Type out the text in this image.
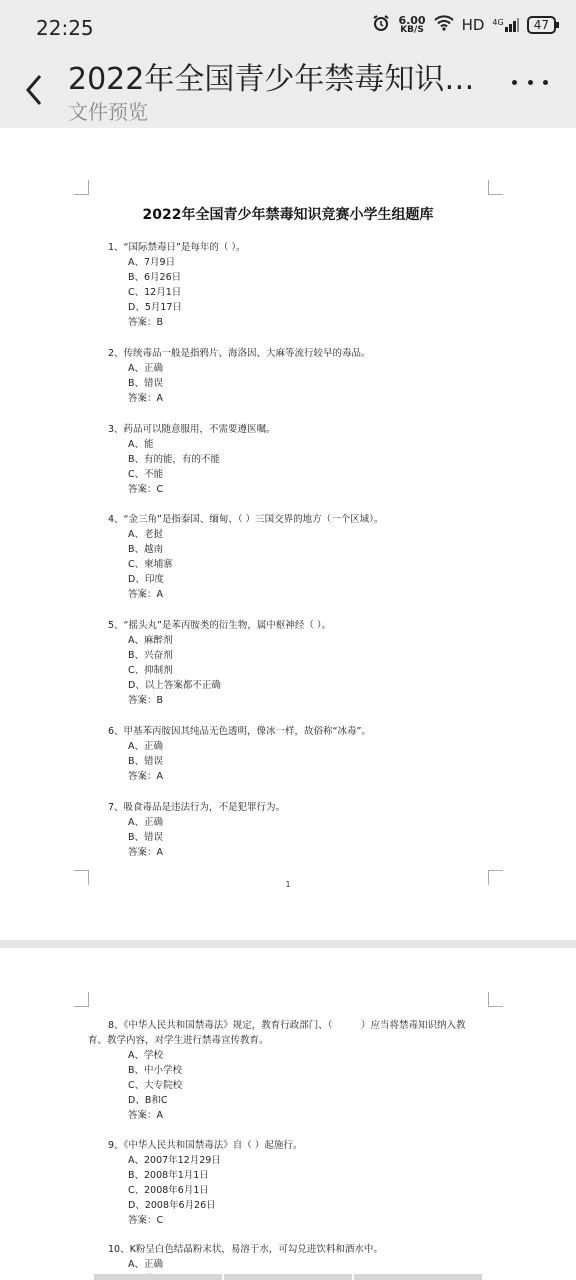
22:25	6.00
KB/S	HD 4G	47
2022年全国青少年禁毒知识…
文件预览
2022年全国青少年禁毒知识竞赛小学生组题库
1、“国际禁毒日”是每年的（ ）。
A、7月9日
B、6月26日
C、12月1日
D、5月17日
答案：B
2、传统毒品一般是指鸦片、海洛因、大麻等流行较早的毒品。
A、正确
B、错误
答案：A
3、药品可以随意服用，不需要遵医嘱。
A、能
B、有的能，有的不能
C、不能
答案：C
4、“金三角”是指泰国、缅甸、（ ）三国交界的地方（一个区域）。
A、老挝
B、越南
C、柬埔寨
D、印度
答案：A
5、“摇头丸”是苯丙胺类的衍生物，属中枢神经（ ）。
A、麻醉剂
B、兴奋剂
C、抑制剂
D、以上答案都不正确
答案：B
6、甲基苯丙胺因其纯品无色透明，像冰一样，故俗称“冰毒”。
A、正确
B、错误
答案：A
7、吸食毒品是违法行为，不是犯罪行为。
A、正确
B、错误
答案：A
1
8、《中华人民共和国禁毒法》规定，教育行政部门、（　　　）应当将禁毒知识纳入教
育、教学内容，对学生进行禁毒宣传教育。
A、学校
B、中小学校
C、大专院校
D、B和C
答案：A
9、《中华人民共和国禁毒法》自（ ）起施行。
A、2007年12月29日
B、2008年1月1日
C、2008年6月1日
D、2008年6月26日
答案：C
10、K粉呈白色结晶粉末状，易溶于水，可勾兑进饮料和酒水中。
A、正确
